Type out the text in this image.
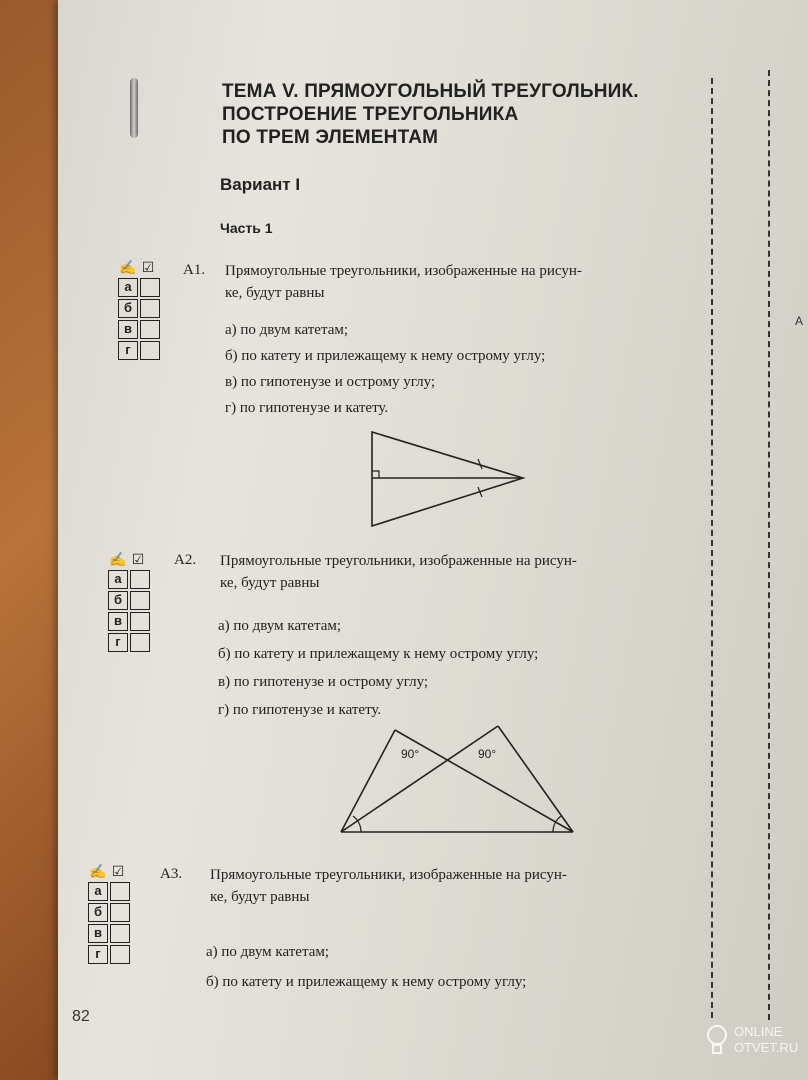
А
ТЕМА V. ПРЯМОУГОЛЬНЫЙ ТРЕУГОЛЬНИК.
ПОСТРОЕНИЕ ТРЕУГОЛЬНИКА
ПО ТРЕМ ЭЛЕМЕНТАМ
Вариант I
Часть 1
✍ ☑
а
б
в
г
А1. Прямоугольные треугольники, изображенные на рисун-
ке, будут равны
а) по двум катетам;
б) по катету и прилежащему к нему острому углу;
в) по гипотенузе и острому углу;
г) по гипотенузе и катету.
✍ ☑
а
б
в
г
А2. Прямоугольные треугольники, изображенные на рисун-
ке, будут равны
а) по двум катетам;
б) по катету и прилежащему к нему острому углу;
в) по гипотенузе и острому углу;
г) по гипотенузе и катету.
90°	90°
✍ ☑
а
б
в
г
А3. Прямоугольные треугольники, изображенные на рисун-
ке, будут равны
а) по двум катетам;
б) по катету и прилежащему к нему острому углу;
82
ONLINE
OTVET.RU
